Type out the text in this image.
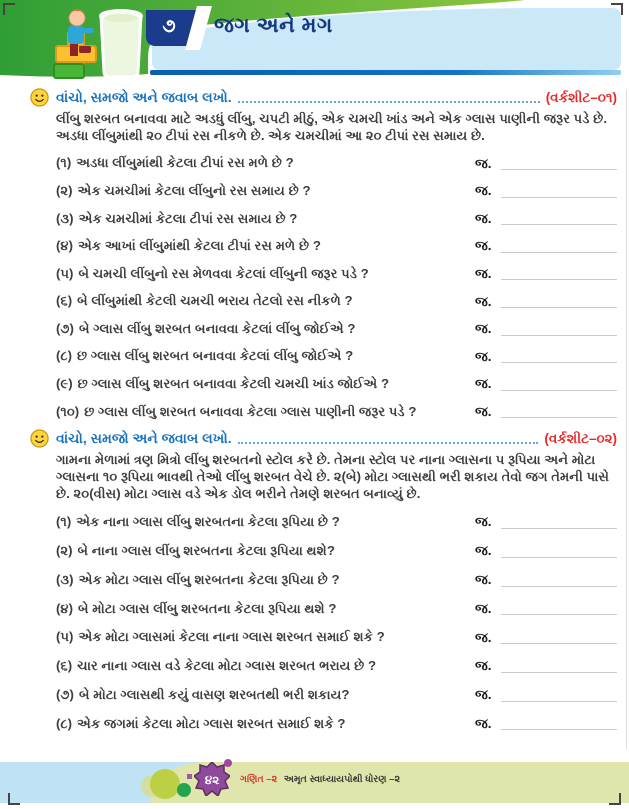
૭	જગ અને મગ
વાંચો, સમજો અને જવાબ લખો.	(વર્કશીટ–૦૧)

લીંબુ શરબત બનાવવા માટે અડધું લીંબુ, ચપટી મીઠું, એક ચમચી ખાંડ અને એક ગ્લાસ પાણીની જરૂર પડે છે. અડધા લીંબુમાંથી ૨૦ ટીપાં રસ નીકળે છે. એક ચમચીમાં આ ૨૦ ટીપાં રસ સમાય છે.

(૧) અડધા લીંબુમાંથી કેટલા ટીપાં રસ મળે છે ?	જ.
(૨) એક ચમચીમાં કેટલા લીંબુનો રસ સમાય છે ?	જ.
(૩) એક ચમચીમાં કેટલા ટીપાં રસ સમાય છે ?	જ.
(૪) એક આખાં લીંબુમાંથી કેટલા ટીપાં રસ મળે છે ?	જ.
(૫) બે ચમચી લીંબુનો રસ મેળવવા કેટલાં લીંબુની જરૂર પડે ?	જ.
(૬) બે લીંબુમાંથી કેટલી ચમચી ભરાય તેટલો રસ નીકળે ?	જ.
(૭) બે ગ્લાસ લીંબુ શરબત બનાવવા કેટલાં લીંબુ જોઈએ ?	જ.
(૮) છ ગ્લાસ લીંબુ શરબત બનાવવા કેટલાં લીંબુ જોઈએ ?	જ.
(૯) છ ગ્લાસ લીંબુ શરબત બનાવવા કેટલી ચમચી ખાંડ જોઈએ ?	જ.
(૧૦) છ ગ્લાસ લીંબુ શરબત બનાવવા કેટલા ગ્લાસ પાણીની જરૂર પડે ?	જ.
વાંચો, સમજો અને જવાબ લખો.	(વર્કશીટ–૦૨)

ગામના મેળામાં ત્રણ મિત્રો લીંબુ શરબતનો સ્ટોલ કરે છે. તેમના સ્ટોલ પર નાના ગ્લાસના ૫ રૂપિયા અને મોટા ગ્લાસના ૧૦ રૂપિયા ભાવથી તેઓ લીંબુ શરબત વેચે છે. ૨(બે) મોટા ગ્લાસથી ભરી શકાય તેવો જગ તેમની પાસે છે. ૨૦(વીસ) મોટા ગ્લાસ વડે એક ડોલ ભરીને તેમણે શરબત બનાવ્યું છે.

(૧) એક નાના ગ્લાસ લીંબુ શરબતના કેટલા રૂપિયા છે ?	જ.
(૨) બે નાના ગ્લાસ લીંબુ શરબતના કેટલા રૂપિયા થશે?	જ.
(૩) એક મોટા ગ્લાસ લીંબુ શરબતના કેટલા રૂપિયા છે ?	જ.
(૪) બે મોટા ગ્લાસ લીંબુ શરબતના કેટલા રૂપિયા થશે ?	જ.
(૫) એક મોટા ગ્લાસમાં કેટલા નાના ગ્લાસ શરબત સમાઈ શકે ?	જ.
(૬) ચાર નાના ગ્લાસ વડે કેટલા મોટા ગ્લાસ શરબત ભરાય છે ?	જ.
(૭) બે મોટા ગ્લાસથી કયું વાસણ શરબતથી ભરી શકાય?	જ.
(૮) એક જગમાં કેટલા મોટા ગ્લાસ શરબત સમાઈ શકે ?	જ.
૪૨ ગણિત –૨ અમૃત સ્વાધ્યાયપોથી ધોરણ –૨
